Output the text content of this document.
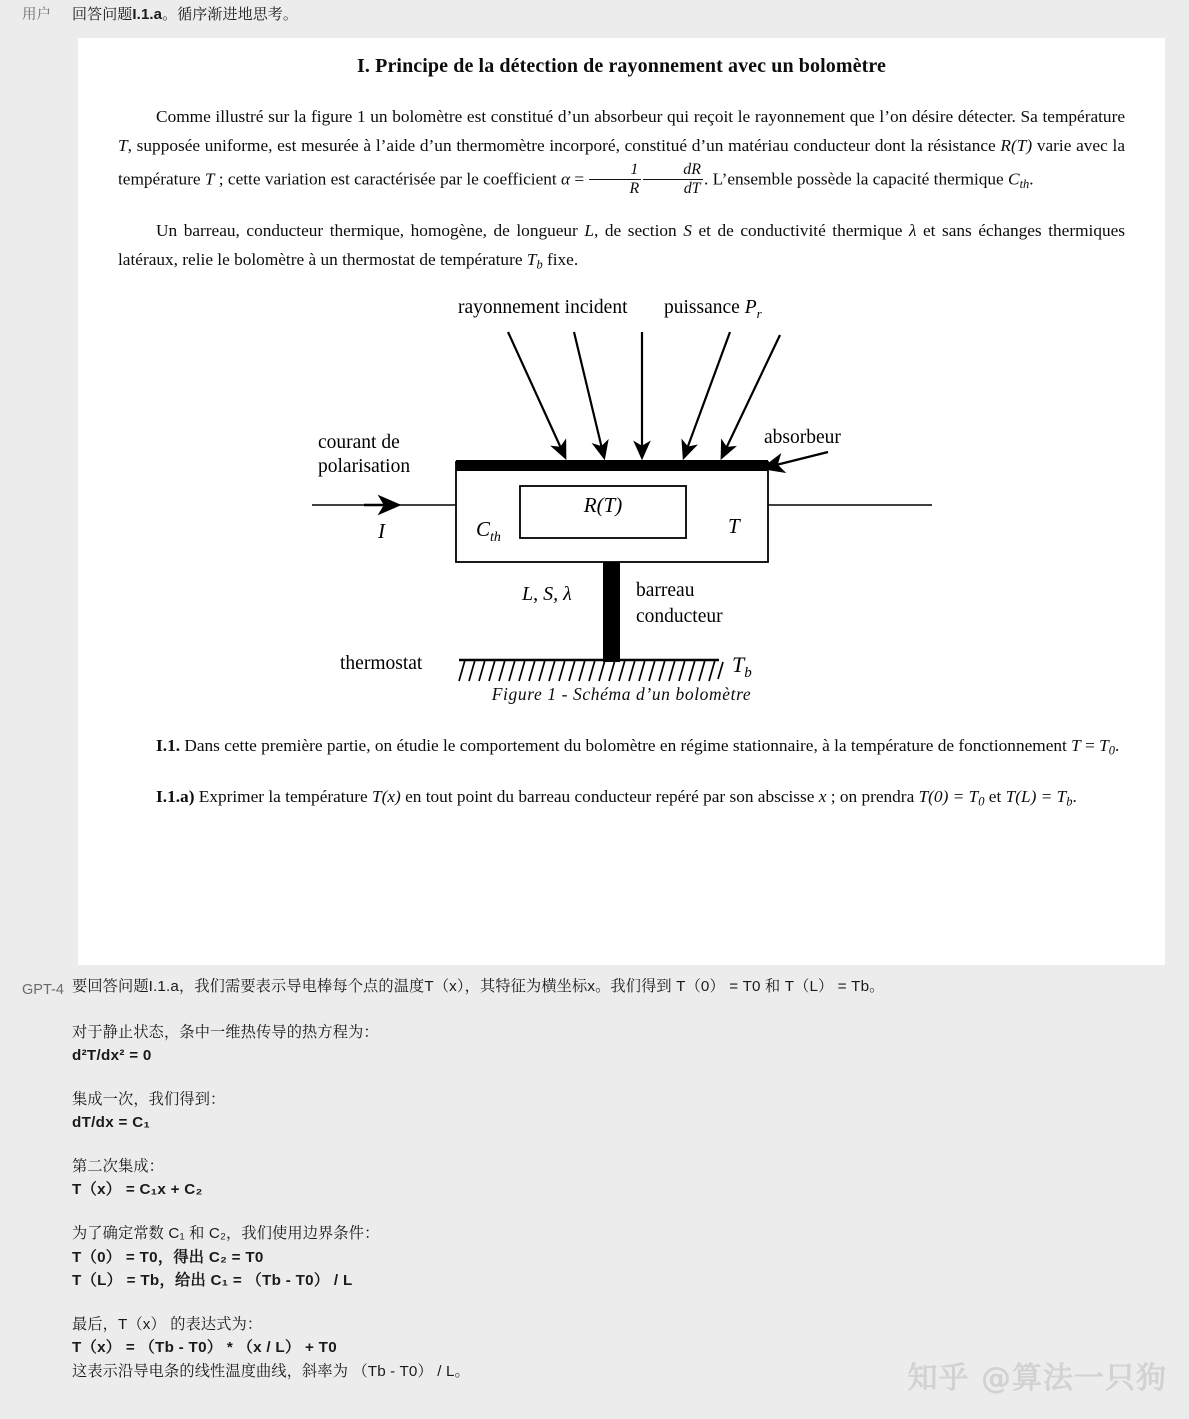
用户	回答问题I.1.a。循序渐进地思考。
I. Principe de la détection de rayonnement avec un bolomètre

Comme illustré sur la figure 1 un bolomètre est constitué d’un absorbeur qui reçoit le rayonnement que l’on désire détecter. Sa température T, supposée uniforme, est mesurée à l’aide d’un thermomètre incorporé, constitué d’un matériau conducteur dont la résistance R(T) varie avec la température T ; cette variation est caractérisée par le coefficient $\alpha = \frac{1}{R} \frac{dR}{dT}$ . L’ensemble possède la capacité thermique $C_{th}$.

Un barreau, conducteur thermique, homogène, de longueur L, de section S et de conductivité thermique λ et sans échanges thermiques latéraux, relie le bolomètre à un thermostat de température $T_b$ fixe.

rayonnement incident puissance $P_r$
absorbeur
courant de
polarisation
I
R(T)
$C_{th}$	T
L, S, λ	barreau
conducteur
thermostat	$T_b$
Figure 1 - Schéma d’un bolomètre

I.1. Dans cette première partie, on étudie le comportement du bolomètre en régime stationnaire, à la température de fonctionnement $T = T_0$.

I.1.a) Exprimer la température T(x) en tout point du barreau conducteur repéré par son abscisse x ; on prendra $T(0) = T_0$ et $T(L) = T_b$.

GPT-4 要回答问题I.1.a，我们需要表示导电棒每个点的温度T（x），其特征为横坐标x。我们得到 T（0） = T0 和 T（L） = Tb。
对于静止状态，条中一维热传导的热方程为：
d²T/dx² = 0
集成一次，我们得到：
dT/dx = C₁
第二次集成：
T（x） = C₁x + C₂
为了确定常数 C₁ 和 C₂，我们使用边界条件：
T（0） = T0，得出 C₂ = T0
T（L） = Tb，给出 C₁ = （Tb - T0） / L
最后，T（x） 的表达式为：
T（x） = （Tb - T0） * （x / L） + T0
这表示沿导电条的线性温度曲线，斜率为 （Tb - T0） / L。	知乎 @算法一只狗
